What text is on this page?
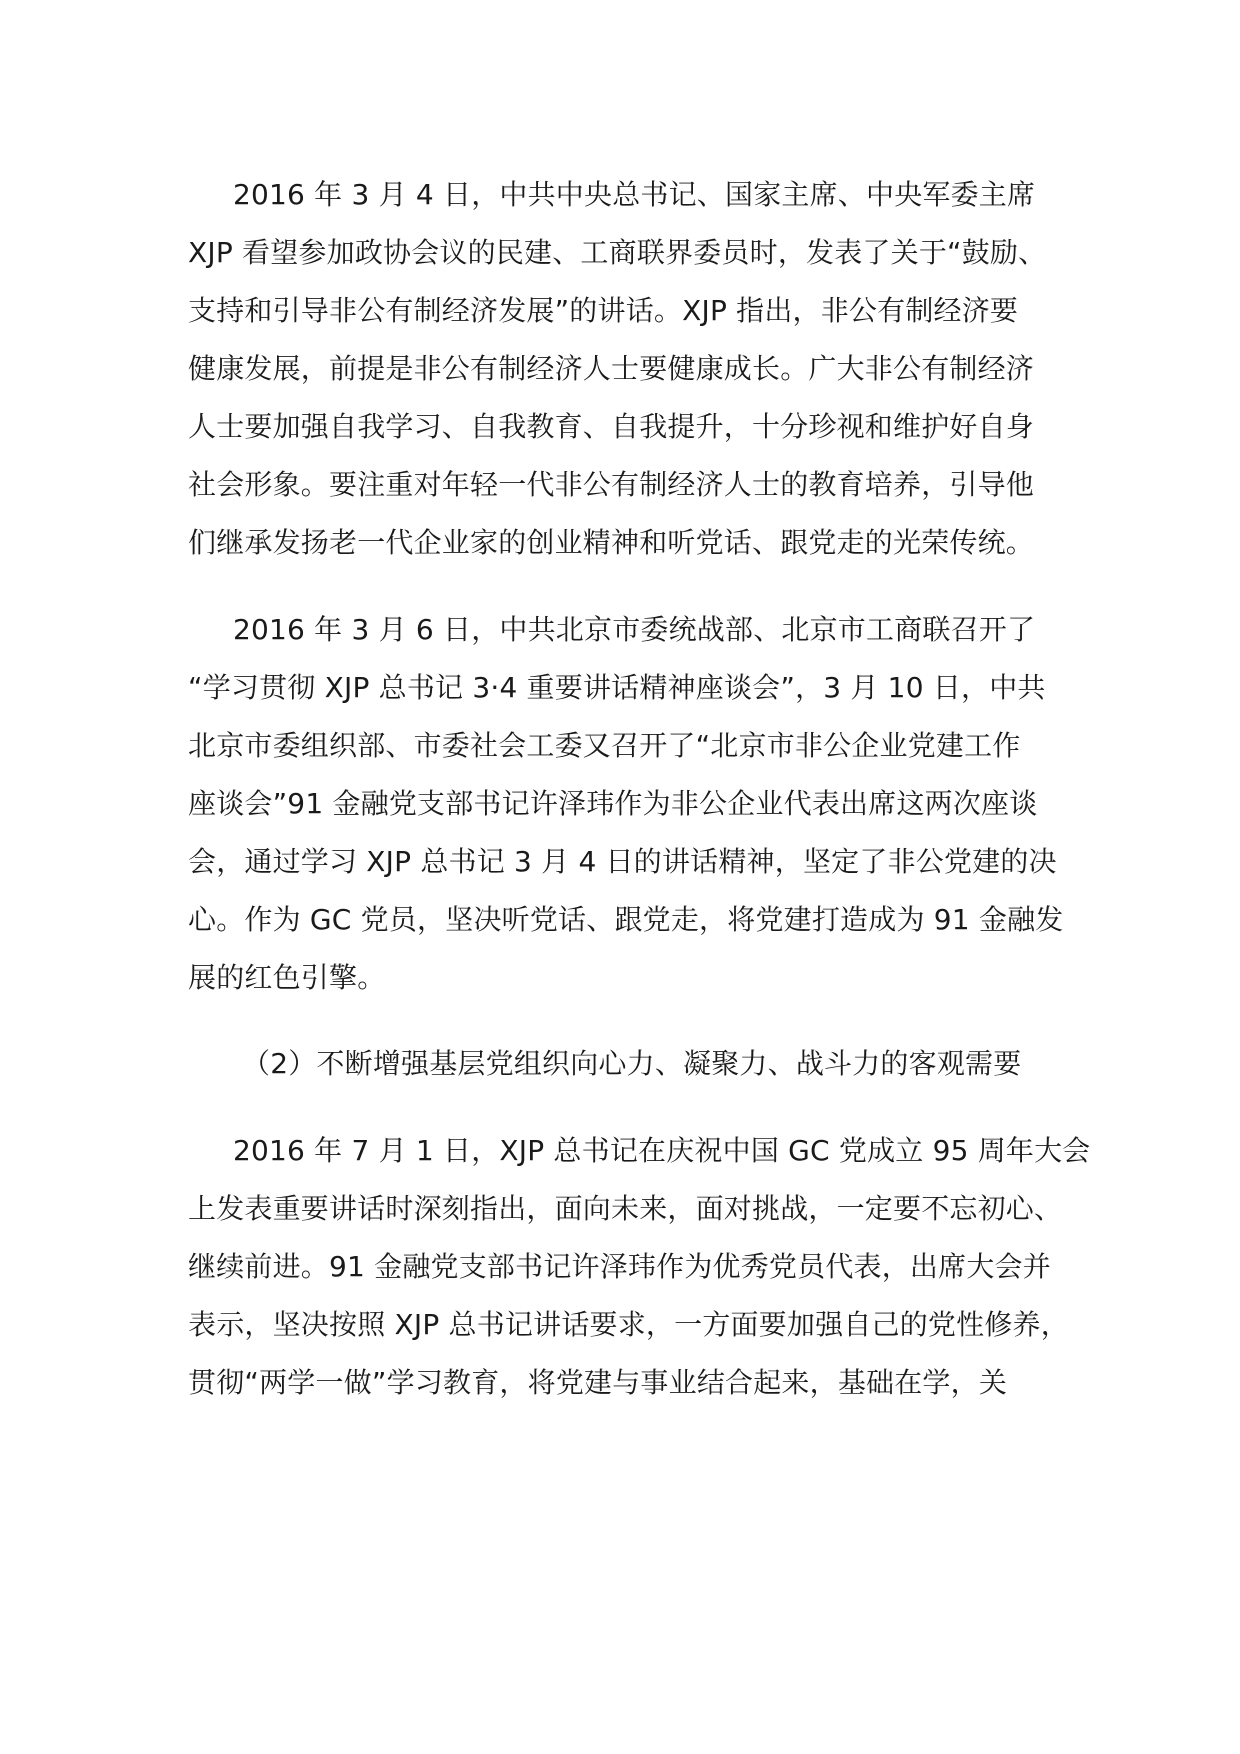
2016 年 3 月 4 日，中共中央总书记、国家主席、中央军委主席

XJP 看望参加政协会议的民建、工商联界委员时，发表了关于“鼓励、

支持和引导非公有制经济发展”的讲话。XJP 指出，非公有制经济要

健康发展，前提是非公有制经济人士要健康成长。广大非公有制经济

人士要加强自我学习、自我教育、自我提升，十分珍视和维护好自身

社会形象。要注重对年轻一代非公有制经济人士的教育培养，引导他

们继承发扬老一代企业家的创业精神和听党话、跟党走的光荣传统。

2016 年 3 月 6 日，中共北京市委统战部、北京市工商联召开了

“学习贯彻 XJP 总书记 3·4 重要讲话精神座谈会”，3 月 10 日，中共

北京市委组织部、市委社会工委又召开了“北京市非公企业党建工作

座谈会”91 金融党支部书记许泽玮作为非公企业代表出席这两次座谈

会，通过学习 XJP 总书记 3 月 4 日的讲话精神，坚定了非公党建的决

心。作为 GC 党员，坚决听党话、跟党走，将党建打造成为 91 金融发

展的红色引擎。

（2）不断增强基层党组织向心力、凝聚力、战斗力的客观需要

2016 年 7 月 1 日，XJP 总书记在庆祝中国 GC 党成立 95 周年大会

上发表重要讲话时深刻指出，面向未来，面对挑战，一定要不忘初心、

继续前进。91 金融党支部书记许泽玮作为优秀党员代表，出席大会并

表示，坚决按照 XJP 总书记讲话要求，一方面要加强自己的党性修养，

贯彻“两学一做”学习教育，将党建与事业结合起来，基础在学，关
